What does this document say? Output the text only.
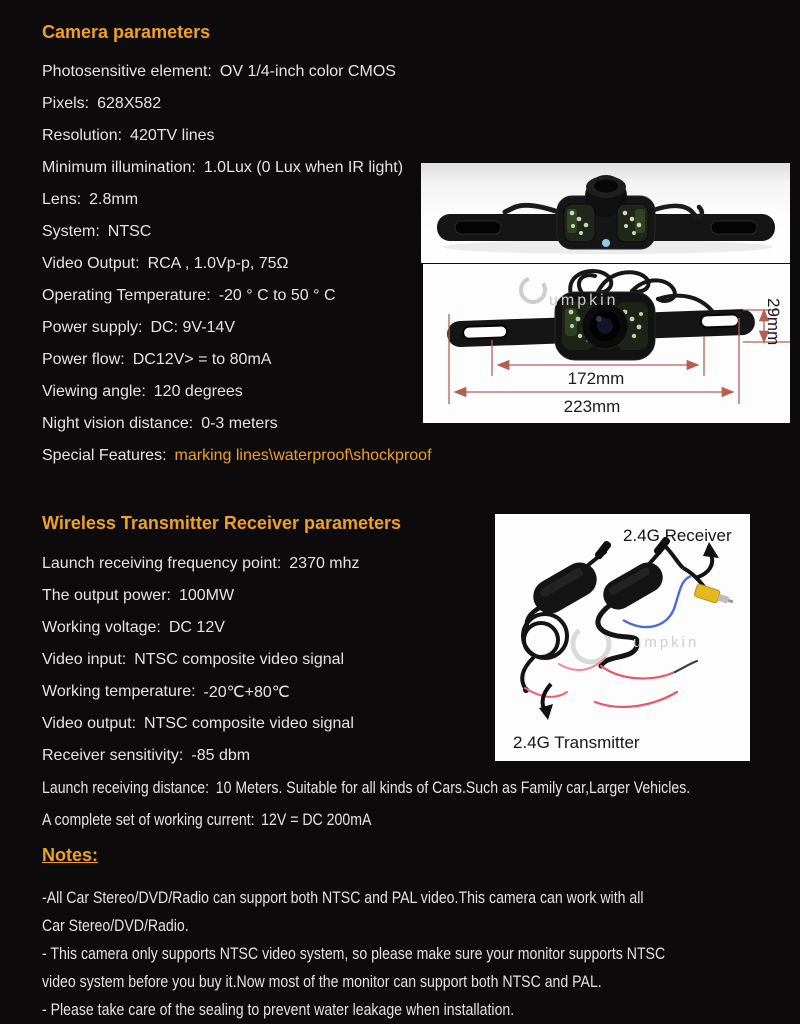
Camera parameters
Photosensitive element: OV 1/4-inch color CMOS
Pixels: 628X582
Resolution: 420TV lines
Minimum illumination: 1.0Lux (0 Lux when IR light)
Lens: 2.8mm
System: NTSC
Video Output: RCA , 1.0Vp-p, 75Ω
Operating Temperature: -20 ° C to 50 ° C
Power supply: DC: 9V-14V
Power flow: DC12V> = to 80mA
Viewing angle: 120 degrees
Night vision distance: 0-3 meters
Special Features: marking lines\waterproof\shockproof
umpkin
172mm
223mm
29mm
Wireless Transmitter Receiver parameters
Launch receiving frequency point: 2370 mhz
The output power: 100MW
Working voltage: DC 12V
Video input: NTSC composite video signal
Working temperature: -20℃+80℃
Video output: NTSC composite video signal
Receiver sensitivity: -85 dbm
Launch receiving distance: 10 Meters. Suitable for all kinds of Cars.Such as Family car,Larger Vehicles.
A complete set of working current: 12V = DC 200mA
2.4G Receiver
2.4G Transmitter
umpkin
Notes:
-All Car Stereo/DVD/Radio can support both NTSC and PAL video.This camera can work with all
Car Stereo/DVD/Radio.
- This camera only supports NTSC video system, so please make sure your monitor supports NTSC
video system before you buy it.Now most of the monitor can support both NTSC and PAL.
- Please take care of the sealing to prevent water leakage when installation.
